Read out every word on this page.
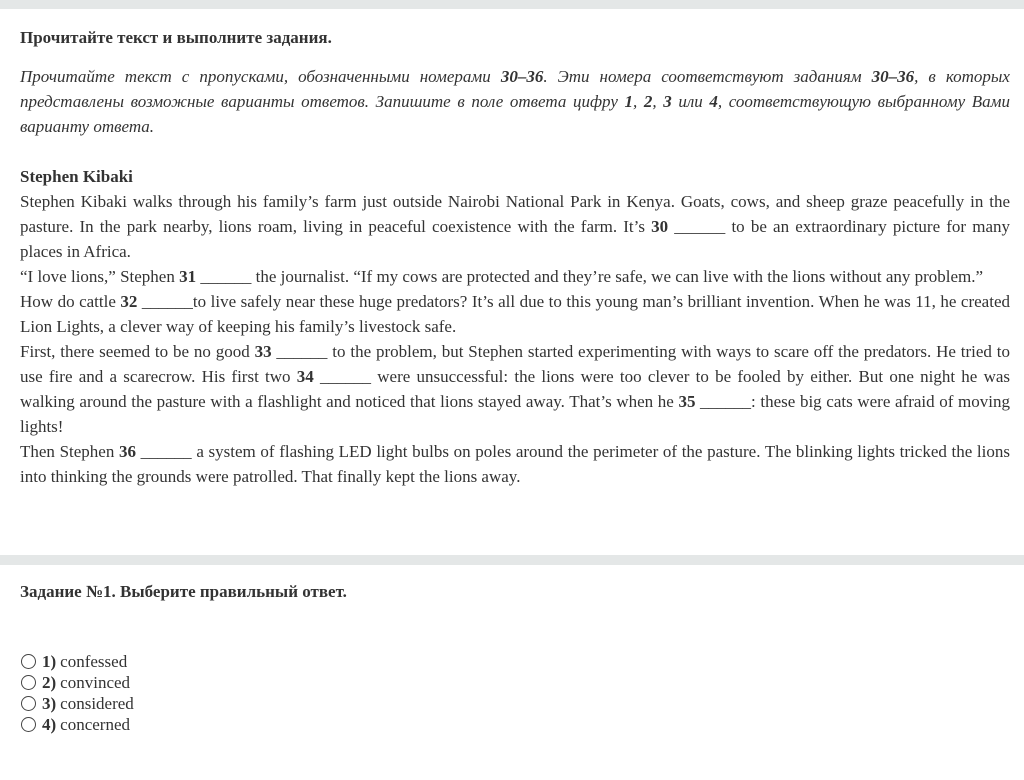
Прочитайте текст и выполните задания.
Прочитайте текст с пропусками, обозначенными номерами 30–36. Эти номера соответствуют заданиям 30–36, в которых представлены возможные варианты ответов. Запишите в поле ответа цифру 1, 2, 3 или 4, соответствующую выбранному Вами варианту ответа.
Stephen Kibaki

Stephen Kibaki walks through his family’s farm just outside Nairobi National Park in Kenya. Goats, cows, and sheep graze peacefully in the pasture. In the park nearby, lions roam, living in peaceful coexistence with the farm. It’s 30 ______ to be an extraordinary picture for many places in Africa.

“I love lions,” Stephen 31 ______ the journalist. “If my cows are protected and they’re safe, we can live with the lions without any problem.”

How do cattle 32 ______to live safely near these huge predators? It’s all due to this young man’s brilliant invention. When he was 11, he created Lion Lights, a clever way of keeping his family’s livestock safe.

First, there seemed to be no good 33 ______ to the problem, but Stephen started experimenting with ways to scare off the predators. He tried to use fire and a scarecrow. His first two 34 ______ were unsuccessful: the lions were too clever to be fooled by either. But one night he was walking around the pasture with a flashlight and noticed that lions stayed away. That’s when he 35 ______: these big cats were afraid of moving lights!

Then Stephen 36 ______ a system of flashing LED light bulbs on poles around the perimeter of the pasture. The blinking lights tricked the lions into thinking the grounds were patrolled. That finally kept the lions away.

Задание №1. Выберите правильный ответ.
1) confessed
2) convinced
3) considered
4) concerned
